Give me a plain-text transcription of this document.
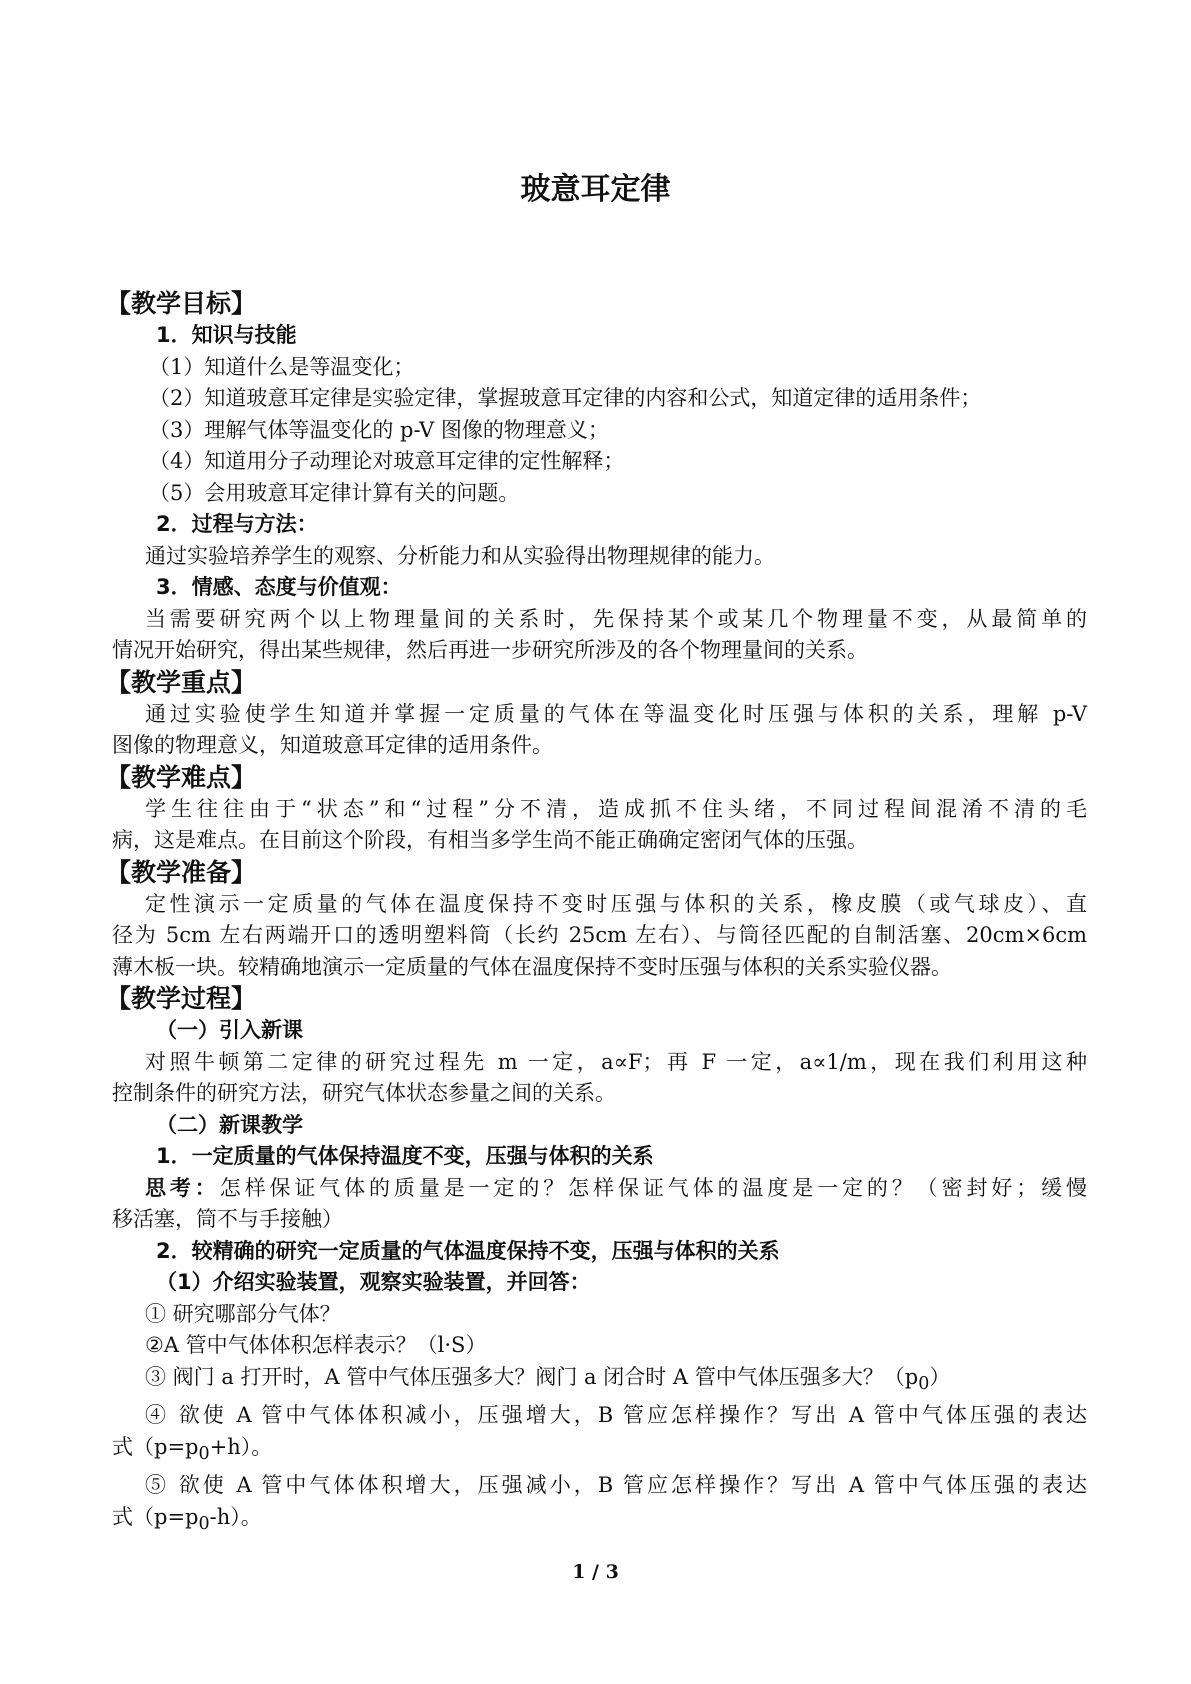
玻意耳定律
【教学目标】
1．知识与技能
（1）知道什么是等温变化；
（2）知道玻意耳定律是实验定律，掌握玻意耳定律的内容和公式，知道定律的适用条件；
（3）理解气体等温变化的 p-V 图像的物理意义；
（4）知道用分子动理论对玻意耳定律的定性解释；
（5）会用玻意耳定律计算有关的问题。
2．过程与方法：
通过实验培养学生的观察、分析能力和从实验得出物理规律的能力。
3．情感、态度与价值观：
当需要研究两个以上物理量间的关系时，先保持某个或某几个物理量不变，从最简单的
情况开始研究，得出某些规律，然后再进一步研究所涉及的各个物理量间的关系。
【教学重点】
通过实验使学生知道并掌握一定质量的气体在等温变化时压强与体积的关系，理解 p-V
图像的物理意义，知道玻意耳定律的适用条件。
【教学难点】
学生往往由于“状态”和“过程”分不清，造成抓不住头绪，不同过程间混淆不清的毛
病，这是难点。在目前这个阶段，有相当多学生尚不能正确确定密闭气体的压强。
【教学准备】
定性演示一定质量的气体在温度保持不变时压强与体积的关系，橡皮膜（或气球皮）、直
径为 5cm 左右两端开口的透明塑料筒（长约 25cm 左右）、与筒径匹配的自制活塞、20cm×6cm
薄木板一块。较精确地演示一定质量的气体在温度保持不变时压强与体积的关系实验仪器。
【教学过程】
（一）引入新课
对照牛顿第二定律的研究过程先 m 一定，a∝F；再 F 一定，a∝1/m，现在我们利用这种
控制条件的研究方法，研究气体状态参量之间的关系。
（二）新课教学
1．一定质量的气体保持温度不变，压强与体积的关系
思考：怎样保证气体的质量是一定的？怎样保证气体的温度是一定的？（密封好；缓慢
移活塞，筒不与手接触）
2．较精确的研究一定质量的气体温度保持不变，压强与体积的关系
（1）介绍实验装置，观察实验装置，并回答：
① 研究哪部分气体？
②A 管中气体体积怎样表示？（l·S）
③ 阀门 a 打开时，A 管中气体压强多大？阀门 a 闭合时 A 管中气体压强多大？$(p_0)$
④ 欲使 A 管中气体体积减小，压强增大，B 管应怎样操作？写出 A 管中气体压强的表达
式$(p=p_0+h)$。
⑤ 欲使 A 管中气体体积增大，压强减小，B 管应怎样操作？写出 A 管中气体压强的表达
式$(p=p_0-h)$。
1 / 3
